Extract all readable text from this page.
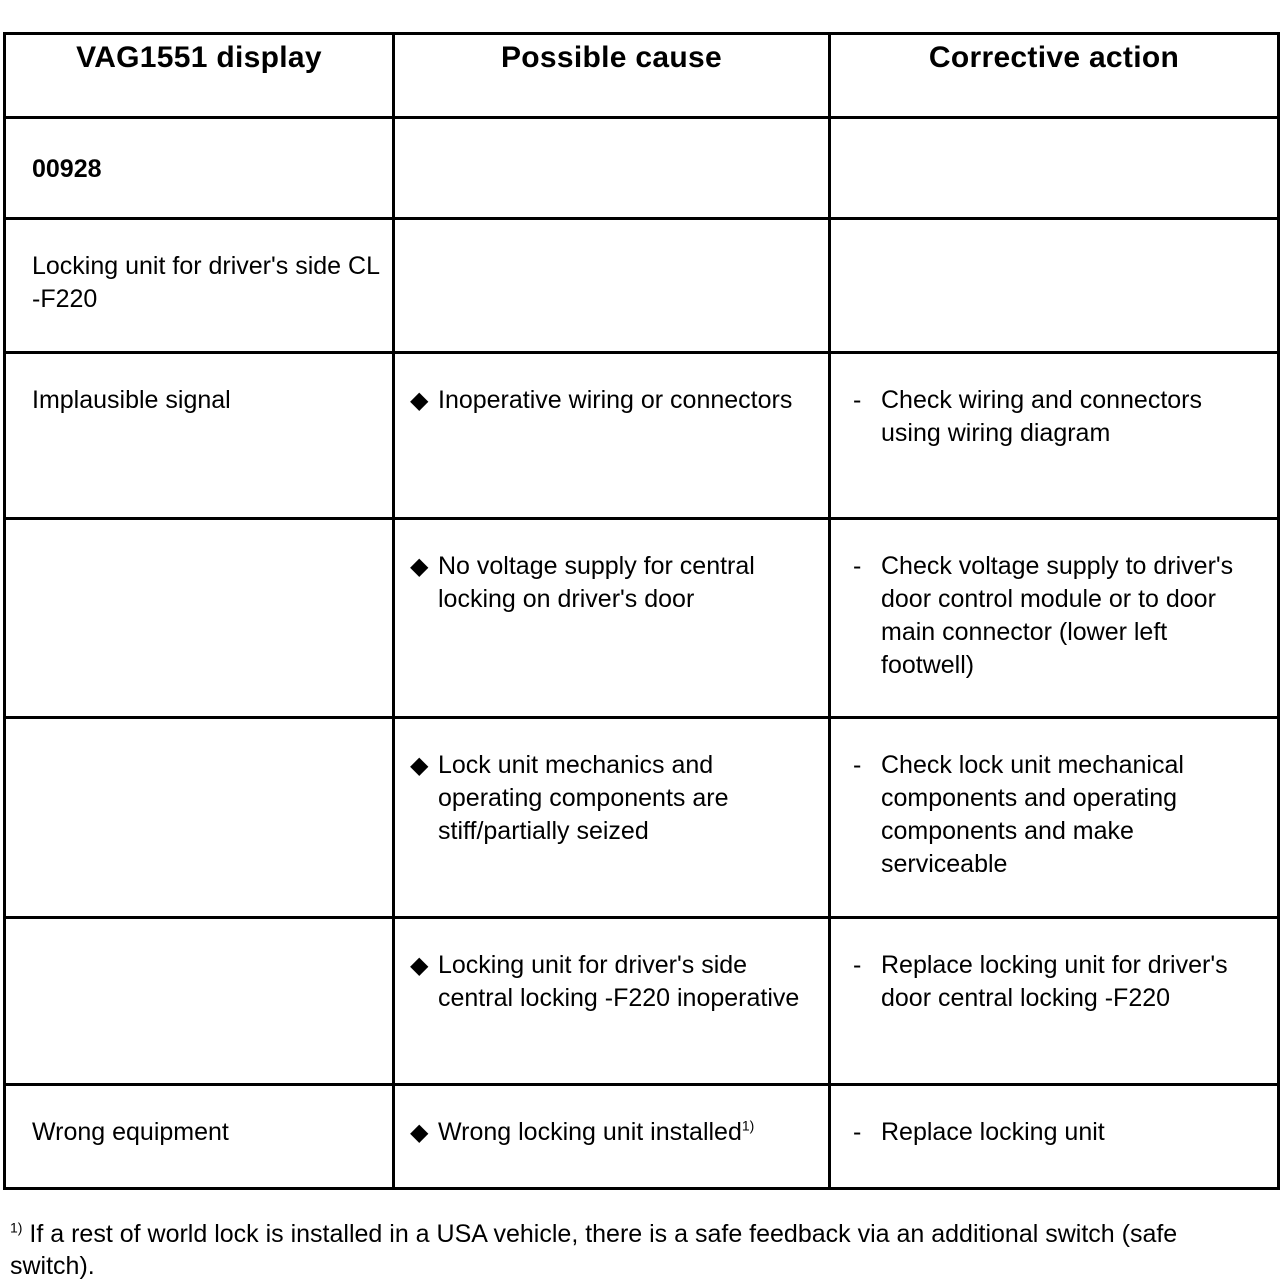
VAG1551 display	Possible cause	Corrective action
00928		
Locking unit for driver's side CL -F220		
Implausible signal	◆ Inoperative wiring or connectors	- Check wiring and connectors using wiring diagram

	◆ No voltage supply for central locking on driver's door	- Check voltage supply to driver's door control module or to door main connector (lower left footwell)

	◆ Lock unit mechanics and operating components are stiff/partially seized	- Check lock unit mechanical components and operating components and make serviceable

	◆ Locking unit for driver's side central locking -F220 inoperative	- Replace locking unit for driver's door central locking -F220

Wrong equipment	◆ Wrong locking unit installed$^{1)}$	- Replace locking unit
$^{1)}$ If a rest of world lock is installed in a USA vehicle, there is a safe feedback via an additional switch (safe switch).
